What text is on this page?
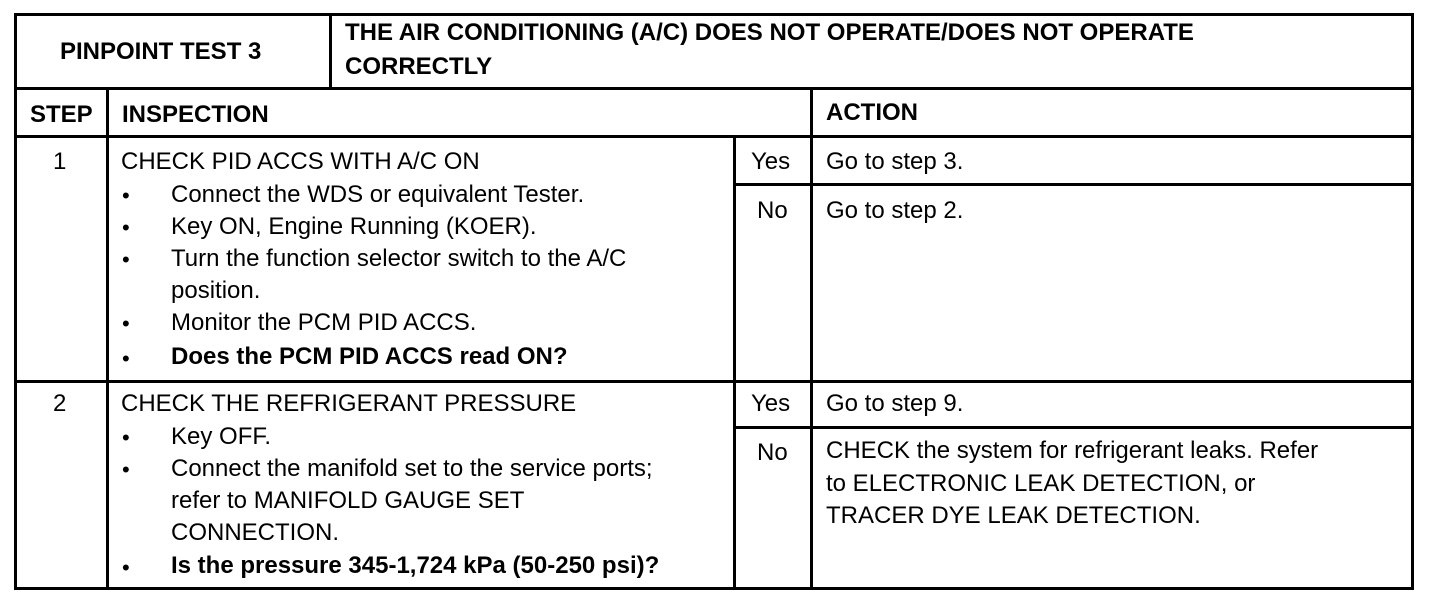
PINPOINT TEST 3
THE AIR CONDITIONING (A/C) DOES NOT OPERATE/DOES NOT OPERATE
CORRECTLY
STEP INSPECTION	ACTION
1 CHECK PID ACCS WITH A/C ON
• Connect the WDS or equivalent Tester.
• Key ON, Engine Running (KOER).
• Turn the function selector switch to the A/C
position.
• Monitor the PCM PID ACCS.
• Does the PCM PID ACCS read ON?
Yes Go to step 3.
No Go to step 2.
2 CHECK THE REFRIGERANT PRESSURE
• Key OFF.
• Connect the manifold set to the service ports;
refer to MANIFOLD GAUGE SET
CONNECTION.
• Is the pressure 345-1,724 kPa (50-250 psi)?
Yes Go to step 9.
No CHECK the system for refrigerant leaks. Refer
to ELECTRONIC LEAK DETECTION, or
TRACER DYE LEAK DETECTION.
